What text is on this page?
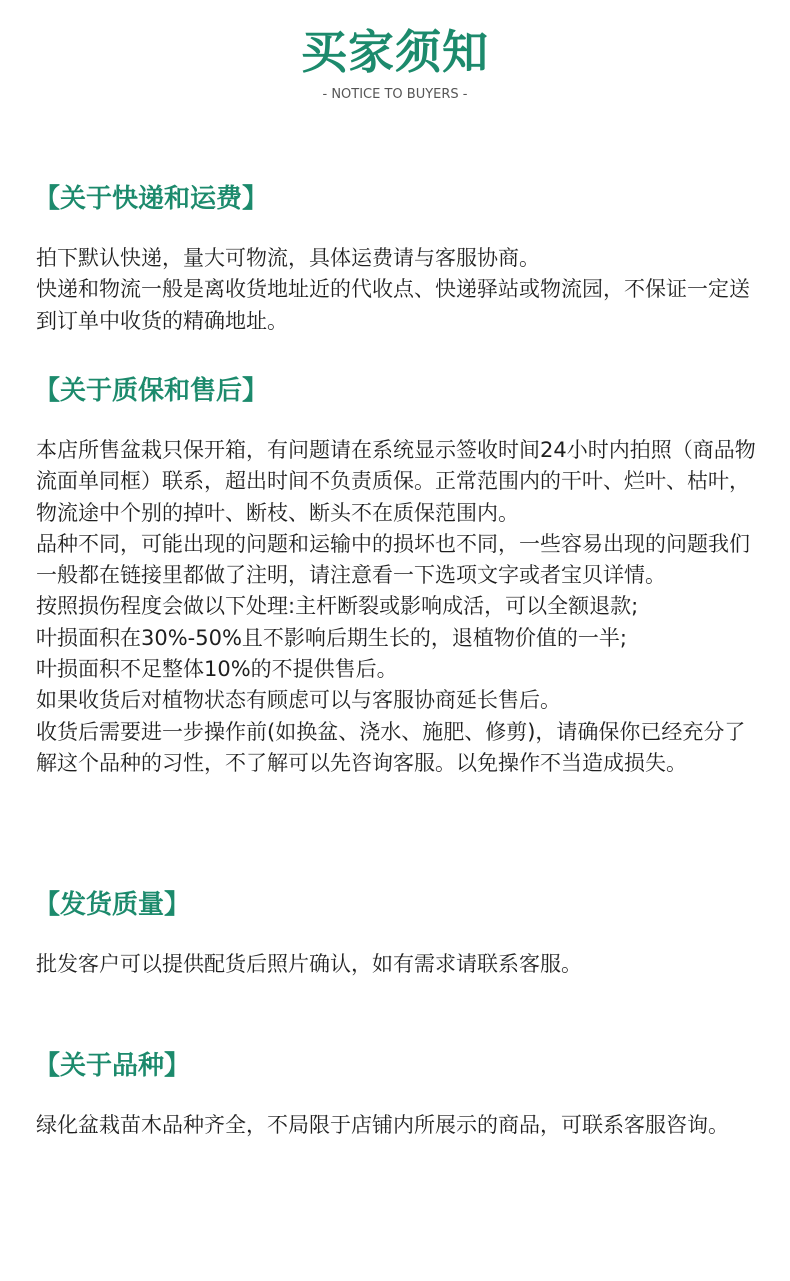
买家须知
- NOTICE TO BUYERS -
【关于快递和运费】
拍下默认快递，量大可物流，具体运费请与客服协商。
快递和物流一般是离收货地址近的代收点、快递驿站或物流园，不保证一定送到订单中收货的精确地址。
【关于质保和售后】
本店所售盆栽只保开箱，有问题请在系统显示签收时间24小时内拍照（商品物流面单同框）联系，超出时间不负责质保。正常范围内的干叶、烂叶、枯叶，物流途中个别的掉叶、断枝、断头不在质保范围内。
品种不同，可能出现的问题和运输中的损坏也不同，一些容易出现的问题我们一般都在链接里都做了注明，请注意看一下选项文字或者宝贝详情。
按照损伤程度会做以下处理:主杆断裂或影响成活，可以全额退款;
叶损面积在30%-50%且不影响后期生长的，退植物价值的一半;
叶损面积不足整体10%的不提供售后。
如果收货后对植物状态有顾虑可以与客服协商延长售后。
收货后需要进一步操作前(如换盆、浇水、施肥、修剪)，请确保你已经充分了解这个品种的习性，不了解可以先咨询客服。以免操作不当造成损失。
【发货质量】
批发客户可以提供配货后照片确认，如有需求请联系客服。
【关于品种】
绿化盆栽苗木品种齐全，不局限于店铺内所展示的商品，可联系客服咨询。
